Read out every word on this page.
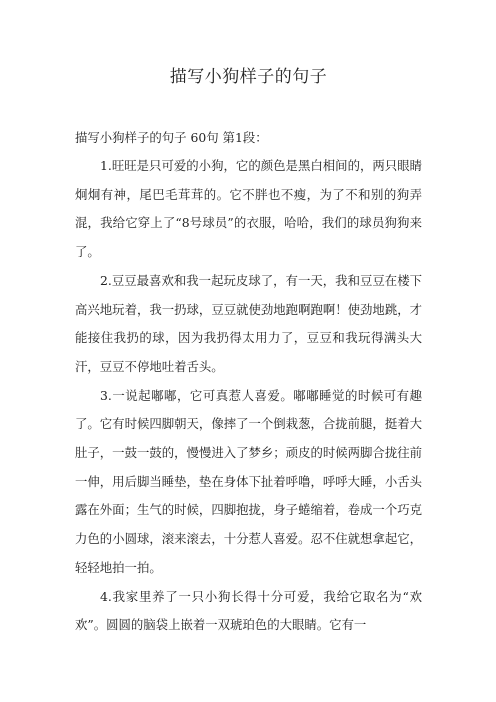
描写小狗样子的句子

描写小狗样子的句子 60句 第1段：

1.旺旺是只可爱的小狗，它的颜色是黑白相间的，两只眼睛炯炯有神，尾巴毛茸茸的。它不胖也不瘦，为了不和别的狗弄混，我给它穿上了“8号球员”的衣服，哈哈，我们的球员狗狗来了。

2.豆豆最喜欢和我一起玩皮球了，有一天，我和豆豆在楼下高兴地玩着，我一扔球，豆豆就使劲地跑啊跑啊！使劲地跳，才能接住我扔的球，因为我扔得太用力了，豆豆和我玩得满头大汗，豆豆不停地吐着舌头。

3.一说起嘟嘟，它可真惹人喜爱。嘟嘟睡觉的时候可有趣了。它有时候四脚朝天，像摔了一个倒栽葱，合拢前腿，挺着大肚子，一鼓一鼓的，慢慢进入了梦乡；顽皮的时候两脚合拢往前一伸，用后脚当睡垫，垫在身体下扯着呼噜，呼呼大睡，小舌头露在外面；生气的时候，四脚抱拢，身子蜷缩着，卷成一个巧克力色的小圆球，滚来滚去，十分惹人喜爱。忍不住就想拿起它，轻轻地拍一拍。

4.我家里养了一只小狗长得十分可爱，我给它取名为“欢欢”。圆圆的脑袋上嵌着一双琥珀色的大眼睛。它有一
